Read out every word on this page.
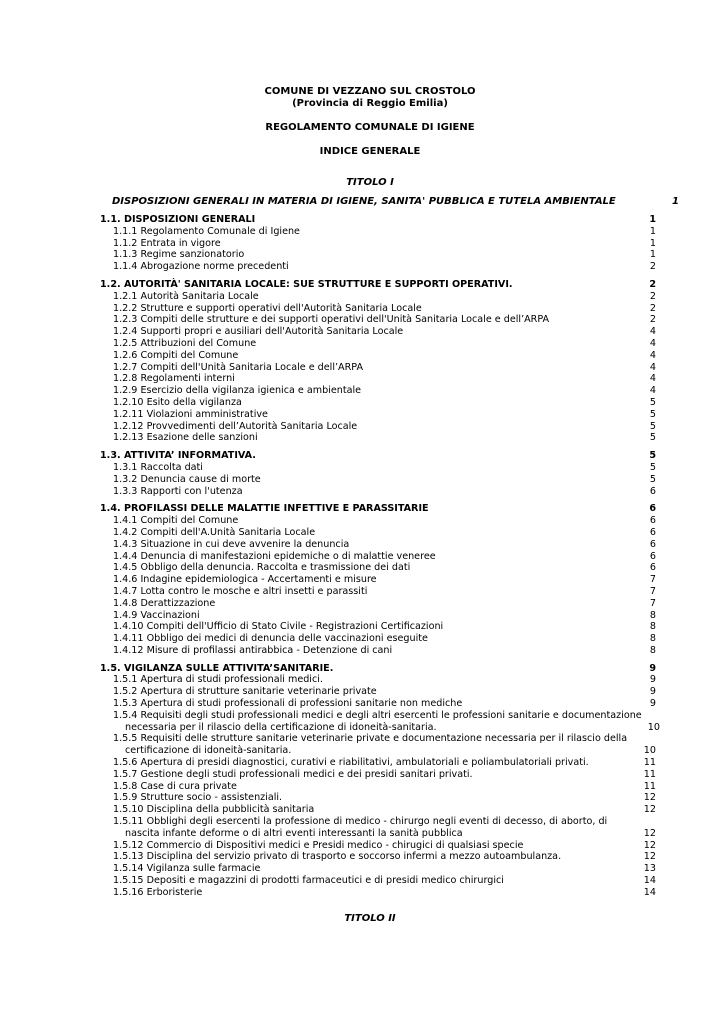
COMUNE DI VEZZANO SUL CROSTOLO
(Provincia di Reggio Emilia)
REGOLAMENTO COMUNALE DI IGIENE
INDICE GENERALE
TITOLO I
DISPOSIZIONI GENERALI IN MATERIA DI IGIENE, SANITA' PUBBLICA E TUTELA AMBIENTALE	1
1.1. DISPOSIZIONI GENERALI	1
1.1.1 Regolamento Comunale di Igiene	1
1.1.2 Entrata in vigore	1
1.1.3 Regime sanzionatorio	1
1.1.4 Abrogazione norme precedenti	2
1.2. AUTORITÀ' SANITARIA LOCALE: SUE STRUTTURE E SUPPORTI OPERATIVI.	2
1.2.1 Autorità Sanitaria Locale	2
1.2.2 Strutture e supporti operativi dell'Autorità Sanitaria Locale	2
1.2.3 Compiti delle strutture e dei supporti operativi dell'Unità Sanitaria Locale e dell’ARPA	2
1.2.4 Supporti propri e ausiliari dell'Autorità Sanitaria Locale	4
1.2.5 Attribuzioni del Comune	4
1.2.6 Compiti del Comune	4
1.2.7 Compiti dell'Unità Sanitaria Locale e dell’ARPA	4
1.2.8 Regolamenti interni	4
1.2.9 Esercizio della vigilanza igienica e ambientale	4
1.2.10 Esito della vigilanza	5
1.2.11 Violazioni amministrative	5
1.2.12 Provvedimenti dell’Autorità Sanitaria Locale	5
1.2.13 Esazione delle sanzioni	5
1.3. ATTIVITA’ INFORMATIVA.	5
1.3.1 Raccolta dati	5
1.3.2 Denuncia cause di morte	5
1.3.3 Rapporti con l'utenza	6
1.4. PROFILASSI DELLE MALATTIE INFETTIVE E PARASSITARIE	6
1.4.1 Compiti del Comune	6
1.4.2 Compiti dell'A.Unità Sanitaria Locale	6
1.4.3 Situazione in cui deve avvenire la denuncia	6
1.4.4 Denuncia di manifestazioni epidemiche o di malattie veneree	6
1.4.5 Obbligo della denuncia. Raccolta e trasmissione dei dati	6
1.4.6 Indagine epidemiologica - Accertamenti e misure	7
1.4.7 Lotta contro le mosche e altri insetti e parassiti	7
1.4.8 Derattizzazione	7
1.4.9 Vaccinazioni	8
1.4.10 Compiti dell'Ufficio di Stato Civile - Registrazioni Certificazioni	8
1.4.11 Obbligo dei medici di denuncia delle vaccinazioni eseguite	8
1.4.12 Misure di profilassi antirabbica - Detenzione di cani	8
1.5. VIGILANZA SULLE ATTIVITA’SANITARIE.	9
1.5.1 Apertura di studi professionali medici.	9
1.5.2 Apertura di strutture sanitarie veterinarie private	9
1.5.3 Apertura di studi professionali di professioni sanitarie non mediche	9
1.5.4 Requisiti degli studi professionali medici e degli altri esercenti le professioni sanitarie e documentazione
necessaria per il rilascio della certificazione di idoneità-sanitaria.	10
1.5.5 Requisiti delle strutture sanitarie veterinarie private e documentazione necessaria per il rilascio della
certificazione di idoneità-sanitaria.	10
1.5.6 Apertura di presidi diagnostici, curativi e riabilitativi, ambulatoriali e poliambulatoriali privati.	11
1.5.7 Gestione degli studi professionali medici e dei presidi sanitari privati.	11
1.5.8 Case di cura private	11
1.5.9 Strutture socio - assistenziali.	12
1.5.10 Disciplina della pubblicità sanitaria	12
1.5.11 Obblighi degli esercenti la professione di medico - chirurgo negli eventi di decesso, di aborto, di
nascita infante deforme o di altri eventi interessanti la sanità pubblica	12
1.5.12 Commercio di Dispositivi medici e Presidi medico - chirugici di qualsiasi specie	12
1.5.13 Disciplina del servizio privato di trasporto e soccorso infermi a mezzo autoambulanza.	12
1.5.14 Vigilanza sulle farmacie	13
1.5.15 Depositi e magazzini di prodotti farmaceutici e di presidi medico chirurgici	14
1.5.16 Erboristerie	14
TITOLO II
